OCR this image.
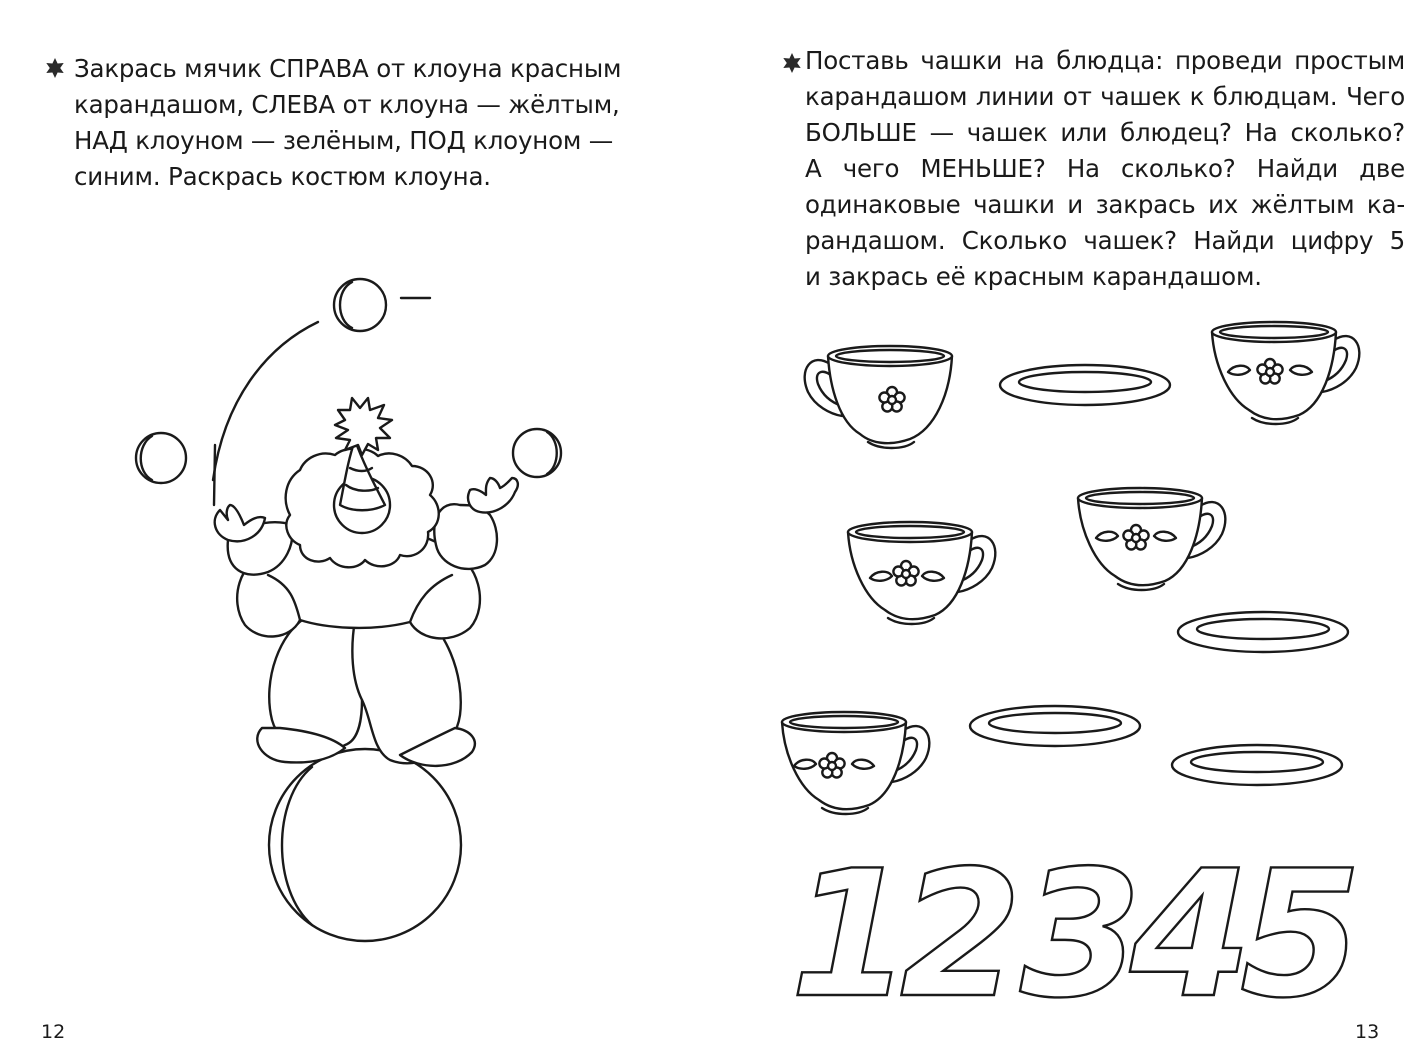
Закрась мячик СПРАВА от клоуна красным
карандашом, СЛЕВА от клоуна — жёлтым,
НАД клоуном — зелёным, ПОД клоуном —
синим. Раскрась костюм клоуна.

12

Поставь чашки на блюдца: проведи простым
карандашом линии от чашек к блюдцам. Чего
БОЛЬШЕ — чашек или блюдец? На сколько?
А чего МЕНЬШЕ? На сколько? Найди две
одинаковые чашки и закрась их жёлтым ка-
рандашом. Сколько чашек? Найди цифру 5
и закрась её красным карандашом.

1
2
3
4
5
13
